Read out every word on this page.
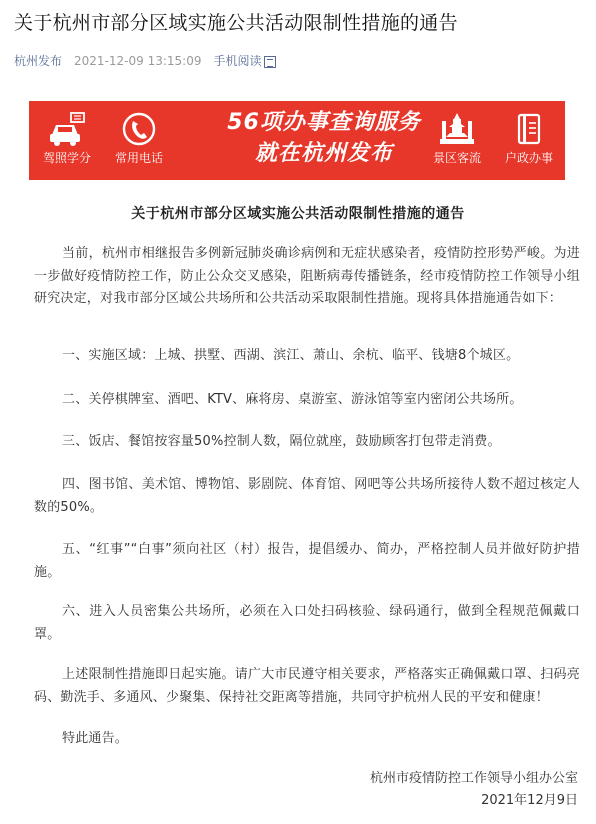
关于杭州市部分区域实施公共活动限制性措施的通告
杭州发布 2021-12-09 13:15:09 手机阅读
驾照学分	常用电话
56项办事查询服务
就在杭州发布	景区客流	户政办事
关于杭州市部分区域实施公共活动限制性措施的通告
当前，杭州市相继报告多例新冠肺炎确诊病例和无症状感染者，疫情防控形势严峻。为进一步做好疫情防控工作，防止公众交叉感染，阻断病毒传播链条，经市疫情防控工作领导小组研究决定，对我市部分区域公共场所和公共活动采取限制性措施。现将具体措施通告如下：
一、实施区域：上城、拱墅、西湖、滨江、萧山、余杭、临平、钱塘8个城区。
二、关停棋牌室、酒吧、KTV、麻将房、桌游室、游泳馆等室内密闭公共场所。
三、饭店、餐馆按容量50%控制人数，隔位就座，鼓励顾客打包带走消费。
四、图书馆、美术馆、博物馆、影剧院、体育馆、网吧等公共场所接待人数不超过核定人数的50%。
五、“红事”“白事”须向社区（村）报告，提倡缓办、简办，严格控制人员并做好防护措施。
六、进入人员密集公共场所，必须在入口处扫码核验、绿码通行，做到全程规范佩戴口罩。
上述限制性措施即日起实施。请广大市民遵守相关要求，严格落实正确佩戴口罩、扫码亮码、勤洗手、多通风、少聚集、保持社交距离等措施，共同守护杭州人民的平安和健康！
特此通告。
杭州市疫情防控工作领导小组办公室
2021年12月9日
